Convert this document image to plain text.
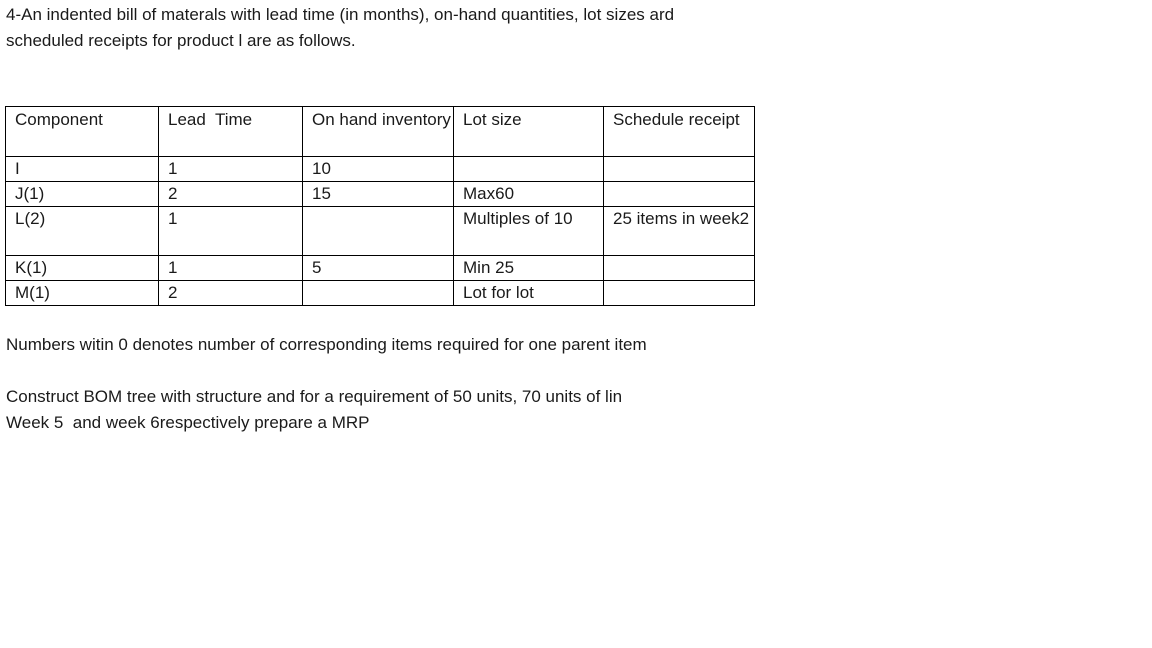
4-An indented bill of materals with lead time (in months), on-hand quantities, lot sizes ard
scheduled receipts for product l are as follows.

Component	Lead  Time	On hand inventory	Lot size	Schedule receipt
I	1	10		
J(1)	2	15	Max60	
L(2)	1		Multiples of 10	25 items in week2
K(1)	1	5	Min 25	
M(1)	2		Lot for lot	

Numbers witin 0 denotes number of corresponding items required for one parent item

Construct BOM tree with structure and for a requirement of 50 units, 70 units of lin
Week 5  and week 6respectively prepare a MRP
